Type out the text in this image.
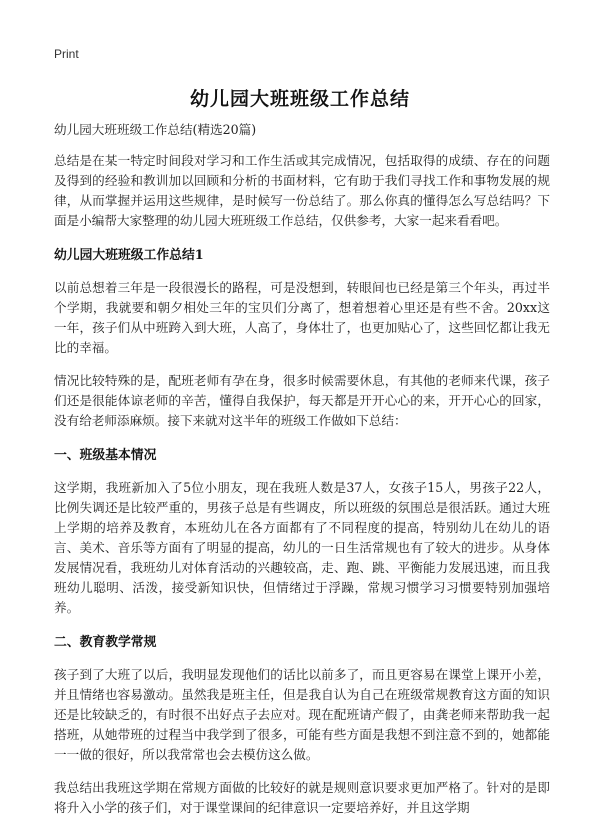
Print
幼儿园大班班级工作总结
幼儿园大班班级工作总结(精选20篇)
总结是在某一特定时间段对学习和工作生活或其完成情况，包括取得的成绩、存在的问题及得到的经验和教训加以回顾和分析的书面材料，它有助于我们寻找工作和事物发展的规律，从而掌握并运用这些规律，是时候写一份总结了。那么你真的懂得怎么写总结吗？下面是小编帮大家整理的幼儿园大班班级工作总结，仅供参考，大家一起来看看吧。
幼儿园大班班级工作总结1
以前总想着三年是一段很漫长的路程，可是没想到，转眼间也已经是第三个年头，再过半个学期，我就要和朝夕相处三年的宝贝们分离了，想着想着心里还是有些不舍。20xx这一年，孩子们从中班跨入到大班，人高了，身体壮了，也更加贴心了，这些回忆都让我无比的幸福。
情况比较特殊的是，配班老师有孕在身，很多时候需要休息，有其他的老师来代课，孩子们还是很能体谅老师的辛苦，懂得自我保护，每天都是开开心心的来，开开心心的回家，没有给老师添麻烦。接下来就对这半年的班级工作做如下总结：
一、班级基本情况
这学期，我班新加入了5位小朋友，现在我班人数是37人，女孩子15人，男孩子22人，比例失调还是比较严重的，男孩子总是有些调皮，所以班级的氛围总是很活跃。通过大班上学期的培养及教育，本班幼儿在各方面都有了不同程度的提高，特别幼儿在幼儿的语言、美术、音乐等方面有了明显的提高，幼儿的一日生活常规也有了较大的进步。从身体发展情况看，我班幼儿对体育活动的兴趣较高，走、跑、跳、平衡能力发展迅速，而且我班幼儿聪明、活泼，接受新知识快，但情绪过于浮躁，常规习惯学习习惯要特别加强培养。
二、教育教学常规
孩子到了大班了以后，我明显发现他们的话比以前多了，而且更容易在课堂上课开小差，并且情绪也容易激动。虽然我是班主任，但是我自认为自己在班级常规教育这方面的知识还是比较缺乏的，有时很不出好点子去应对。现在配班请产假了，由龚老师来帮助我一起搭班，从她带班的过程当中我学到了很多，可能有些方面是我想不到注意不到的，她都能一一做的很好，所以我常常也会去模仿这么做。
我总结出我班这学期在常规方面做的比较好的就是规则意识要求更加严格了。针对的是即将升入小学的孩子们，对于课堂课间的纪律意识一定要培养好，并且这学期
